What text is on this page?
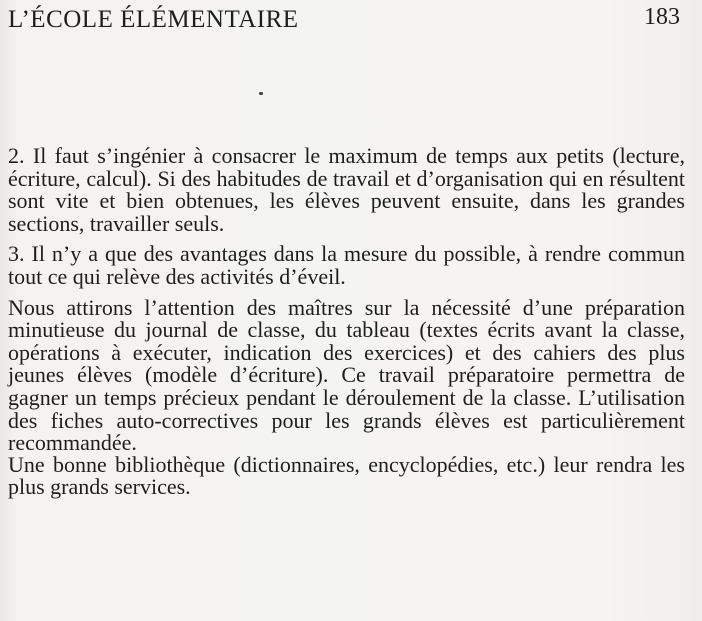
L’ÉCOLE ÉLÉMENTAIRE	183

2. Il faut s’ingénier à consacrer le maximum de temps aux petits (lecture, écriture, calcul). Si des habitudes de travail et d’organisation qui en résultent sont vite et bien obtenues, les élèves peuvent ensuite, dans les grandes sections, travailler seuls.

3. Il n’y a que des avantages dans la mesure du possible, à rendre commun tout ce qui relève des activités d’éveil.

Nous attirons l’attention des maîtres sur la nécessité d’une préparation minutieuse du journal de classe, du tableau (textes écrits avant la classe, opérations à exécuter, indication des exercices) et des cahiers des plus jeunes élèves (modèle d’écriture). Ce travail préparatoire permettra de gagner un temps précieux pendant le déroulement de la classe. L’utilisation des fiches auto-correctives pour les grands élèves est particulièrement recommandée.

Une bonne bibliothèque (dictionnaires, encyclopédies, etc.) leur rendra les plus grands services.
